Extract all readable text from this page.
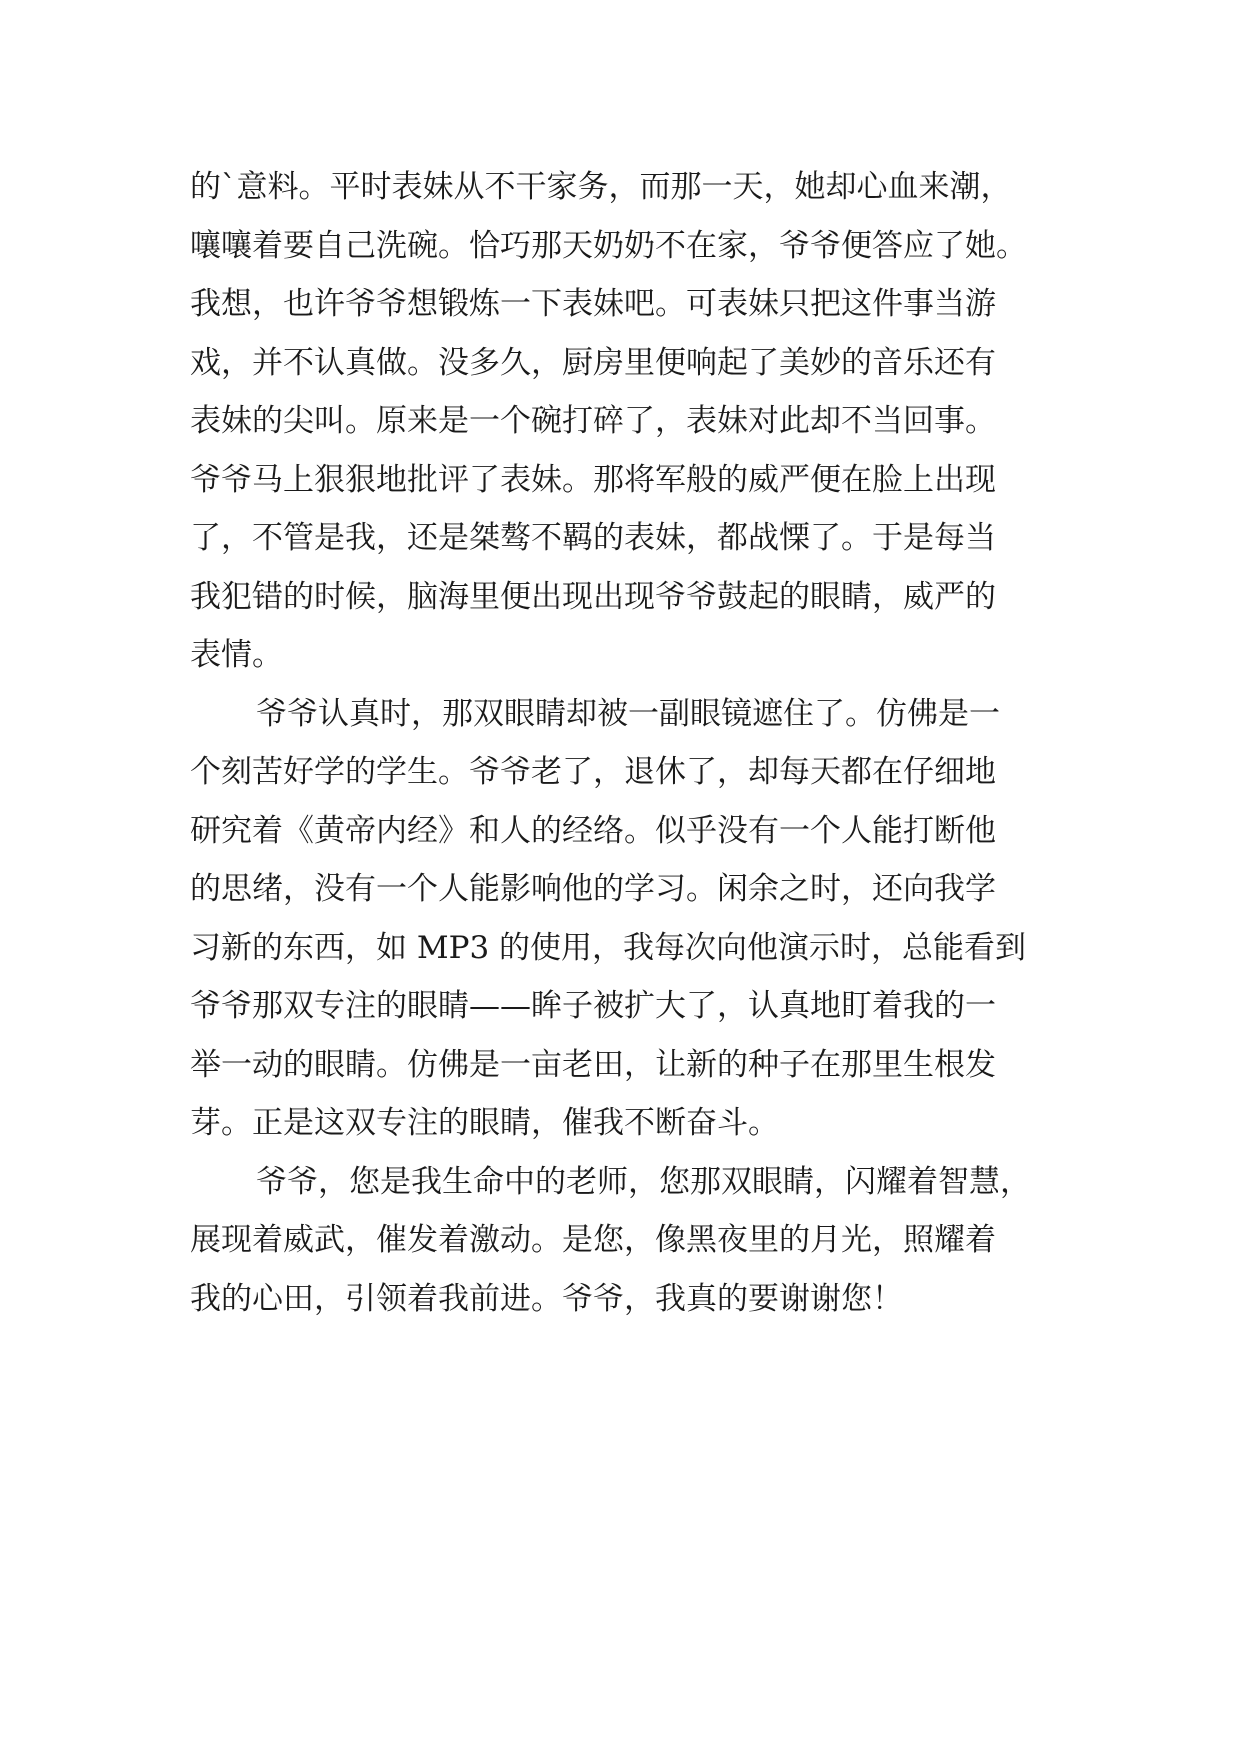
的`意料。平时表妹从不干家务，而那一天，她却心血来潮，
嚷嚷着要自己洗碗。恰巧那天奶奶不在家，爷爷便答应了她。
我想，也许爷爷想锻炼一下表妹吧。可表妹只把这件事当游
戏，并不认真做。没多久，厨房里便响起了美妙的音乐还有
表妹的尖叫。原来是一个碗打碎了，表妹对此却不当回事。
爷爷马上狠狠地批评了表妹。那将军般的威严便在脸上出现
了，不管是我，还是桀骜不羁的表妹，都战慄了。于是每当
我犯错的时候，脑海里便出现出现爷爷鼓起的眼睛，威严的
表情。
爷爷认真时，那双眼睛却被一副眼镜遮住了。仿佛是一
个刻苦好学的学生。爷爷老了，退休了，却每天都在仔细地
研究着《黄帝内经》和人的经络。似乎没有一个人能打断他
的思绪，没有一个人能影响他的学习。闲余之时，还向我学
习新的东西，如 MP3 的使用，我每次向他演示时，总能看到
爷爷那双专注的眼睛——眸子被扩大了，认真地盯着我的一
举一动的眼睛。仿佛是一亩老田，让新的种子在那里生根发
芽。正是这双专注的眼睛，催我不断奋斗。
爷爷，您是我生命中的老师，您那双眼睛，闪耀着智慧，
展现着威武，催发着激动。是您，像黑夜里的月光，照耀着
我的心田，引领着我前进。爷爷，我真的要谢谢您！
